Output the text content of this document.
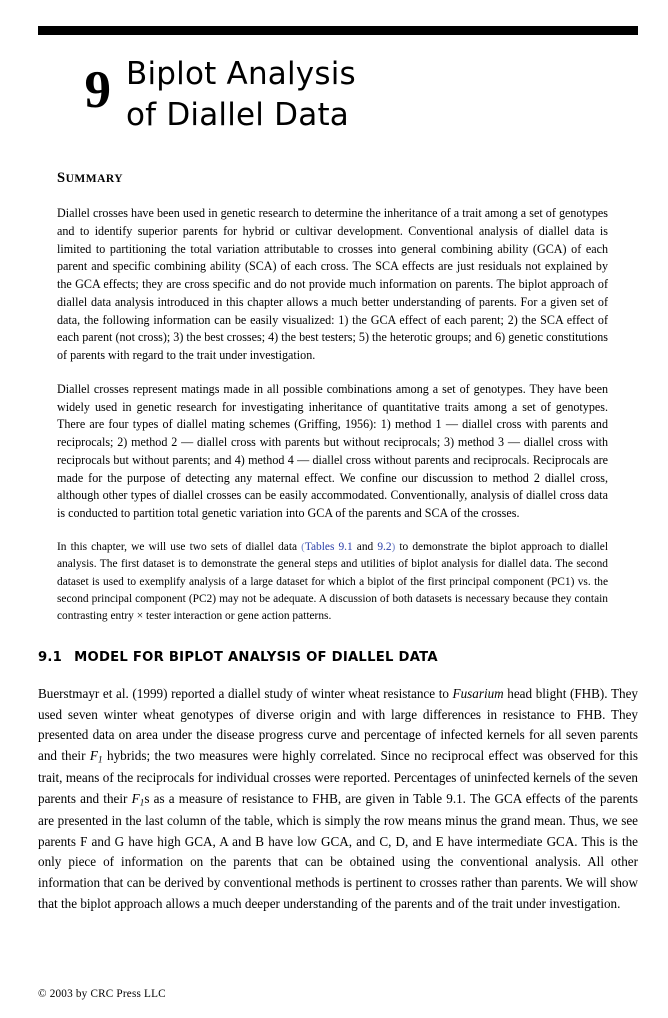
9 Biplot Analysis
of Diallel Data
SUMMARY

Diallel crosses have been used in genetic research to determine the inheritance of a trait among a set of genotypes and to identify superior parents for hybrid or cultivar development. Conventional analysis of diallel data is limited to partitioning the total variation attributable to crosses into general combining ability (GCA) of each parent and specific combining ability (SCA) of each cross. The SCA effects are just residuals not explained by the GCA effects; they are cross specific and do not provide much information on parents. The biplot approach of diallel data analysis introduced in this chapter allows a much better understanding of parents. For a given set of data, the following information can be easily visualized: 1) the GCA effect of each parent; 2) the SCA effect of each parent (not cross); 3) the best crosses; 4) the best testers; 5) the heterotic groups; and 6) genetic constitutions of parents with regard to the trait under investigation.

Diallel crosses represent matings made in all possible combinations among a set of genotypes. They have been widely used in genetic research for investigating inheritance of quantitative traits among a set of genotypes. There are four types of diallel mating schemes (Griffing, 1956): 1) method 1 — diallel cross with parents and reciprocals; 2) method 2 — diallel cross with parents but without reciprocals; 3) method 3 — diallel cross with reciprocals but without parents; and 4) method 4 — diallel cross without parents and reciprocals. Reciprocals are made for the purpose of detecting any maternal effect. We confine our discussion to method 2 diallel cross, although other types of diallel crosses can be easily accommodated. Conventionally, analysis of diallel cross data is conducted to partition total genetic variation into GCA of the parents and SCA of the crosses.

In this chapter, we will use two sets of diallel data (Tables 9.1 and 9.2) to demonstrate the biplot approach to diallel analysis. The first dataset is to demonstrate the general steps and utilities of biplot analysis for diallel data. The second dataset is used to exemplify analysis of a large dataset for which a biplot of the first principal component (PC1) vs. the second principal component (PC2) may not be adequate. A discussion of both datasets is necessary because they contain contrasting entry × tester interaction or gene action patterns.

9.1 MODEL FOR BIPLOT ANALYSIS OF DIALLEL DATA

Buerstmayr et al. (1999) reported a diallel study of winter wheat resistance to Fusarium head blight (FHB). They used seven winter wheat genotypes of diverse origin and with large differences in resistance to FHB. They presented data on area under the disease progress curve and percentage of infected kernels for all seven parents and their $F_1$ hybrids; the two measures were highly correlated. Since no reciprocal effect was observed for this trait, means of the reciprocals for individual crosses were reported. Percentages of uninfected kernels of the seven parents and their $F_1s$ as a measure of resistance to FHB, are given in Table 9.1. The GCA effects of the parents are presented in the last column of the table, which is simply the row means minus the grand mean. Thus, we see parents F and G have high GCA, A and B have low GCA, and C, D, and E have intermediate GCA. This is the only piece of information on the parents that can be obtained using the conventional analysis. All other information that can be derived by conventional methods is pertinent to crosses rather than parents. We will show that the biplot approach allows a much deeper understanding of the parents and of the trait under investigation.

© 2003 by CRC Press LLC
